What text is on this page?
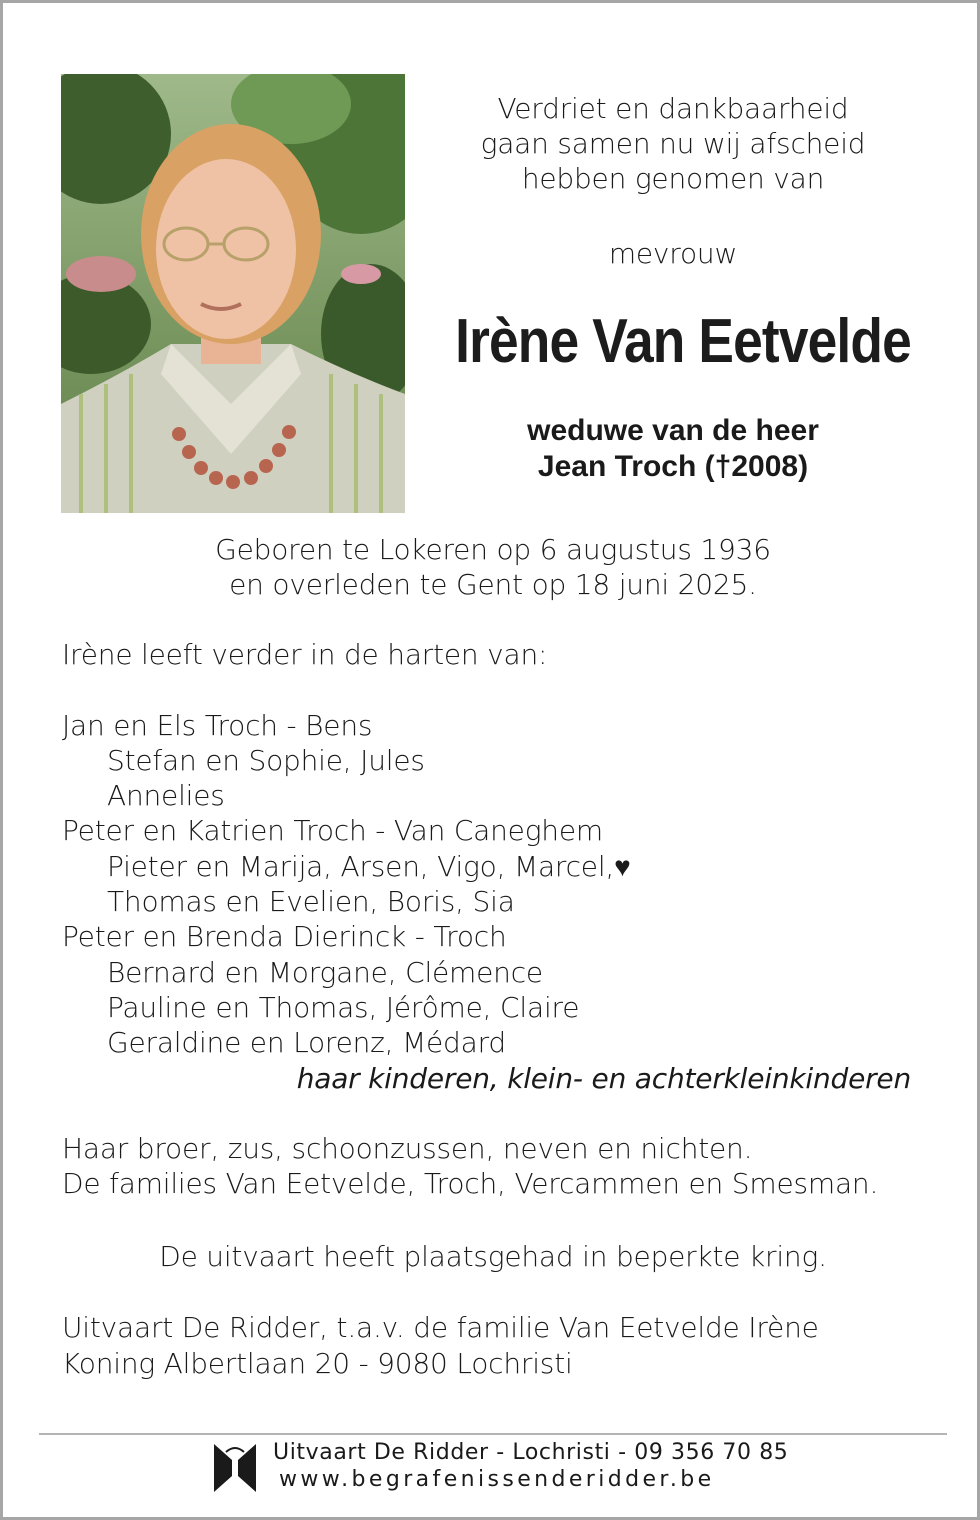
Verdriet en dankbaarheid
gaan samen nu wij afscheid
hebben genomen van
mevrouw
Irène Van Eetvelde
weduwe van de heer
Jean Troch (†2008)
Geboren te Lokeren op 6 augustus 1936
en overleden te Gent op 18 juni 2025.
Irène leeft verder in de harten van:
Jan en Els Troch - Bens
Stefan en Sophie, Jules
Annelies
Peter en Katrien Troch - Van Caneghem
Pieter en Marija, Arsen, Vigo, Marcel,♥
Thomas en Evelien, Boris, Sia
Peter en Brenda Dierinck - Troch
Bernard en Morgane, Clémence
Pauline en Thomas, Jérôme, Claire
Geraldine en Lorenz, Médard
haar kinderen, klein- en achterkleinkinderen
Haar broer, zus, schoonzussen, neven en nichten.
De families Van Eetvelde, Troch, Vercammen en Smesman.
De uitvaart heeft plaatsgehad in beperkte kring.
Uitvaart De Ridder, t.a.v. de familie Van Eetvelde Irène
Koning Albertlaan 20 - 9080 Lochristi
Uitvaart De Ridder - Lochristi - 09 356 70 85
www.begrafenissenderidder.be
